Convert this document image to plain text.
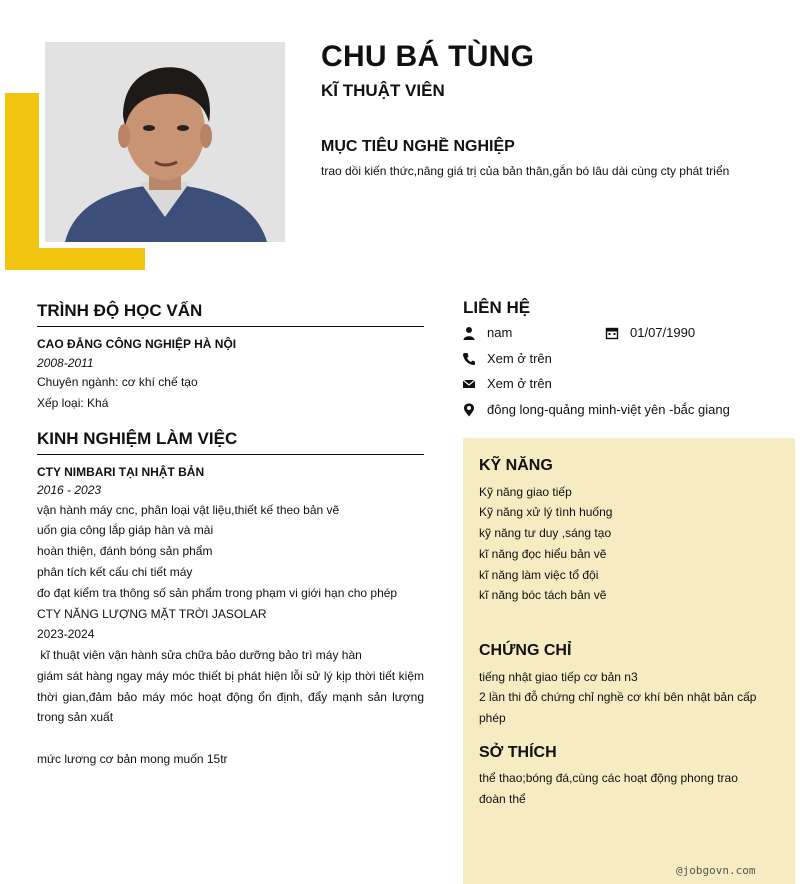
CHU BÁ TÙNG
KĨ THUẬT VIÊN
MỤC TIÊU NGHỀ NGHIỆP
trao dồi kiến thức,nâng giá trị của bản thân,gắn bó lâu dài cùng cty phát triển
TRÌNH ĐỘ HỌC VẤN
CAO ĐẲNG CÔNG NGHIỆP HÀ NỘI
2008-2011
Chuyên ngành: cơ khí chế tạo
Xếp loại: Khá
KINH NGHIỆM LÀM VIỆC
CTY NIMBARI TẠI NHẬT BẢN
2016 - 2023
vận hành máy cnc, phân loại vật liệu,thiết kế theo bản vẽ
uốn gia công lắp giáp hàn và mài
hoàn thiện, đánh bóng sản phẩm
phân tích kết cấu chi tiết máy
đo đạt kiểm tra thông số sản phẩm trong phạm vi giới hạn cho phép
CTY NĂNG LƯỢNG MẶT TRỜI JASOLAR
2023-2024
kĩ thuật viên vận hành sửa chữa bảo dưỡng bảo trì máy hàn
giám sát hàng ngay máy móc thiết bị phát hiện lỗi sử lý kịp thời tiết kiệm thời gian,đảm bảo máy móc hoạt động ổn định, đẩy mạnh sản lượng trong sản xuất
mức lương cơ bản mong muốn 15tr
LIÊN HỆ
nam	01/07/1990
Xem ở trên
Xem ở trên
đông long-quảng minh-việt yên -bắc giang
KỸ NĂNG
Kỹ năng giao tiếp
Kỹ năng xử lý tình huống
kỹ năng tư duy ,sáng tạo
kĩ năng đọc hiểu bản vẽ
kĩ năng làm việc tổ đội
kĩ năng bóc tách bản vẽ
CHỨNG CHỈ
tiếng nhật giao tiếp cơ bản n3
2 lần thi đỗ chứng chỉ nghề cơ khí bên nhật bản cấp phép
SỞ THÍCH
thể thao;bóng đá,cùng các hoạt động phong trao đoàn thể
@jobgovn.com
